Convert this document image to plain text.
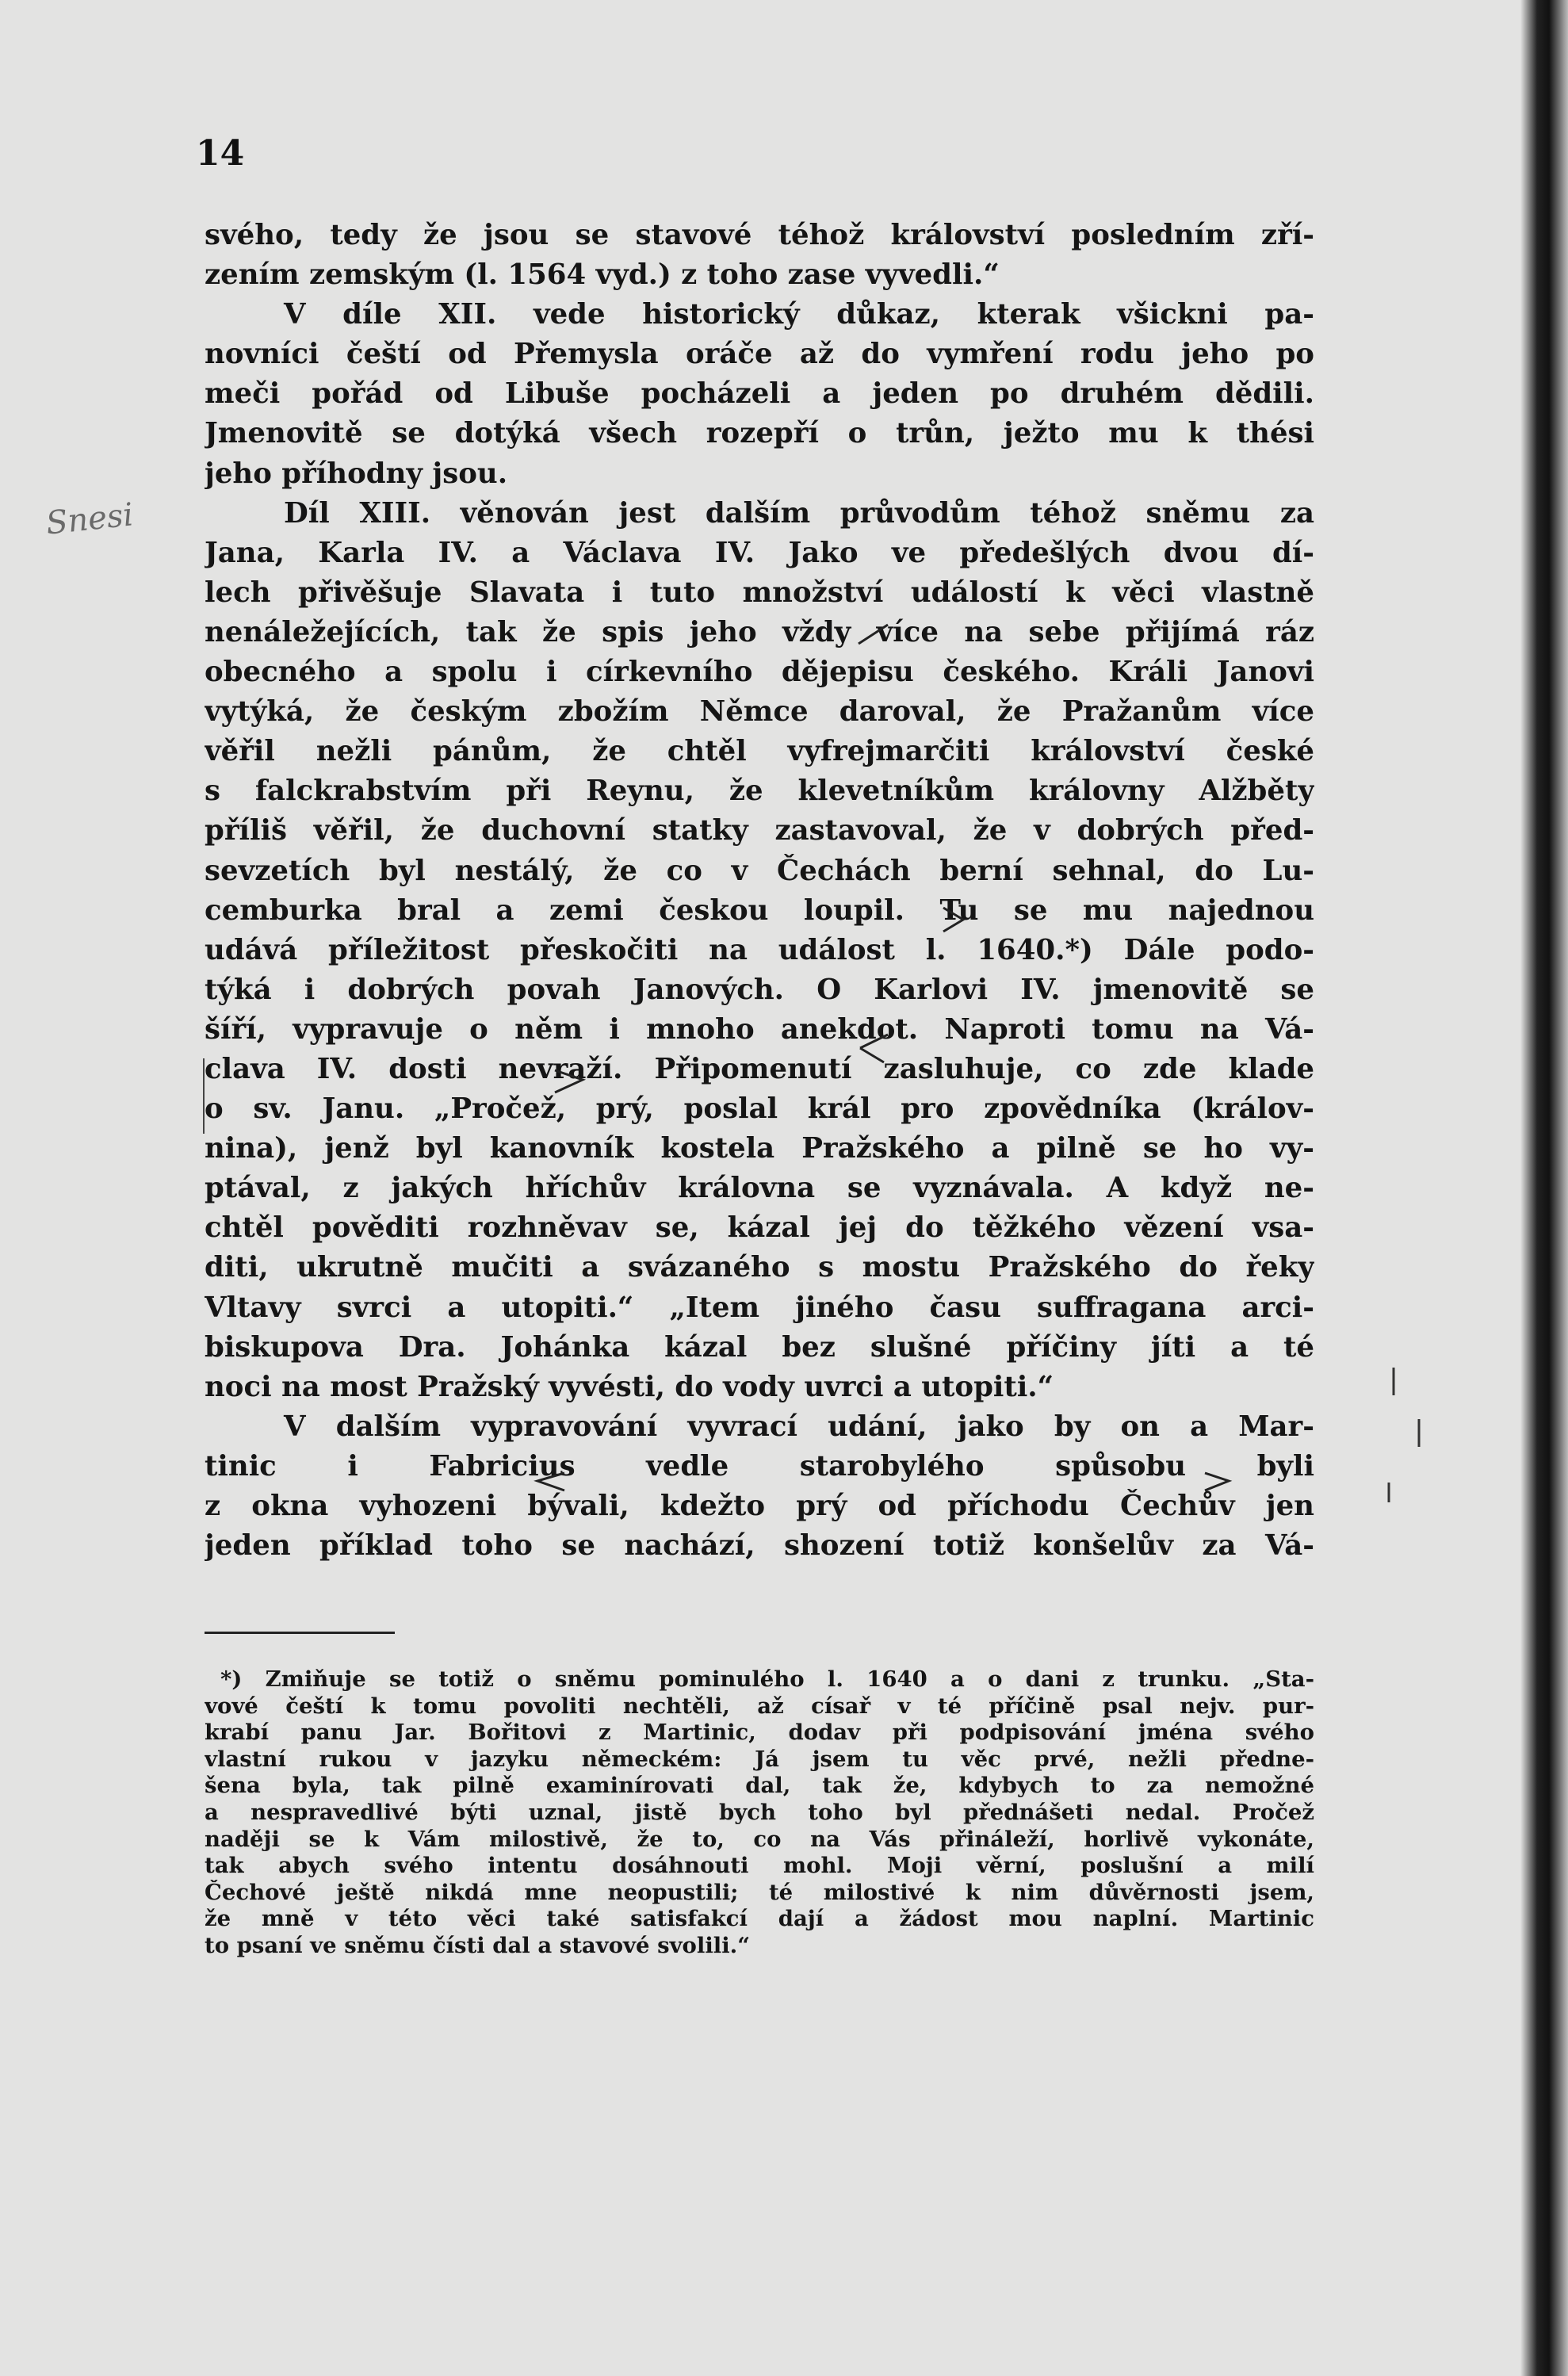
14
Snesi
svého, tedy že jsou se stavové téhož království posledním zří-
zením zemským (l. 1564 vyd.) z toho zase vyvedli.“
V díle XII. vede historický důkaz, kterak všickni pa-
novníci čeští od Přemysla oráče až do vymření rodu jeho po
meči pořád od Libuše pocházeli a jeden po druhém dědili.
Jmenovitě se dotýká všech rozepří o trůn, ježto mu k thési
jeho příhodny jsou.
Díl XIII. věnován jest dalším průvodům téhož sněmu za
Jana, Karla IV. a Václava IV. Jako ve předešlých dvou dí-
lech přivěšuje Slavata i tuto množství událostí k věci vlastně
nenáležejících, tak že spis jeho vždy více na sebe přijímá ráz
obecného a spolu i církevního dějepisu českého. Králi Janovi
vytýká, že českým zbožím Němce daroval, že Pražanům více
věřil nežli pánům, že chtěl vyfrejmarčiti království české
s falckrabstvím při Reynu, že klevetníkům královny Alžběty
příliš věřil, že duchovní statky zastavoval, že v dobrých před-
sevzetích byl nestálý, že co v Čechách berní sehnal, do Lu-
cemburka bral a zemi českou loupil. Tu se mu najednou
udává příležitost přeskočiti na událost l. 1640.*) Dále podo-
týká i dobrých povah Janových. O Karlovi IV. jmenovitě se
šíří, vypravuje o něm i mnoho anekdot. Naproti tomu na Vá-
clava IV. dosti nevraží. Připomenutí zasluhuje, co zde klade
o sv. Janu. „Pročež, prý, poslal král pro zpovědníka (králov-
nina), jenž byl kanovník kostela Pražského a pilně se ho vy-
ptával, z jakých hříchův královna se vyznávala. A když ne-
chtěl pověditi rozhněvav se, kázal jej do těžkého vězení vsa-
diti, ukrutně mučiti a svázaného s mostu Pražského do řeky
Vltavy svrci a utopiti.“ „Item jiného času suffragana arci-
biskupova Dra. Johánka kázal bez slušné příčiny jíti a té
noci na most Pražský vyvésti, do vody uvrci a utopiti.“
V dalším vypravování vyvrací udání, jako by on a Mar-
tinic i Fabricius vedle starobylého spůsobu byli
z okna vyhozeni bývali, kdežto prý od příchodu Čechův jen
jeden příklad toho se nachází, shození totiž konšelův za Vá-
*) Zmiňuje se totiž o sněmu pominulého l. 1640 a o dani z trunku. „Sta-
vové čeští k tomu povoliti nechtěli, až císař v té příčině psal nejv. pur-
krabí panu Jar. Bořitovi z Martinic, dodav při podpisování jména svého
vlastní rukou v jazyku německém: Já jsem tu věc prvé, nežli předne-
šena byla, tak pilně examinírovati dal, tak že, kdybych to za nemožné
a nespravedlivé býti uznal, jistě bych toho byl přednášeti nedal. Pročež
naději se k Vám milostivě, že to, co na Vás přináleží, horlivě vykonáte,
tak abych svého intentu dosáhnouti mohl. Moji věrní, poslušní a milí
Čechové ještě nikdá mne neopustili; té milostivé k nim důvěrnosti jsem,
že mně v této věci také satisfakcí dají a žádost mou naplní. Martinic
to psaní ve sněmu čísti dal a stavové svolili.“
